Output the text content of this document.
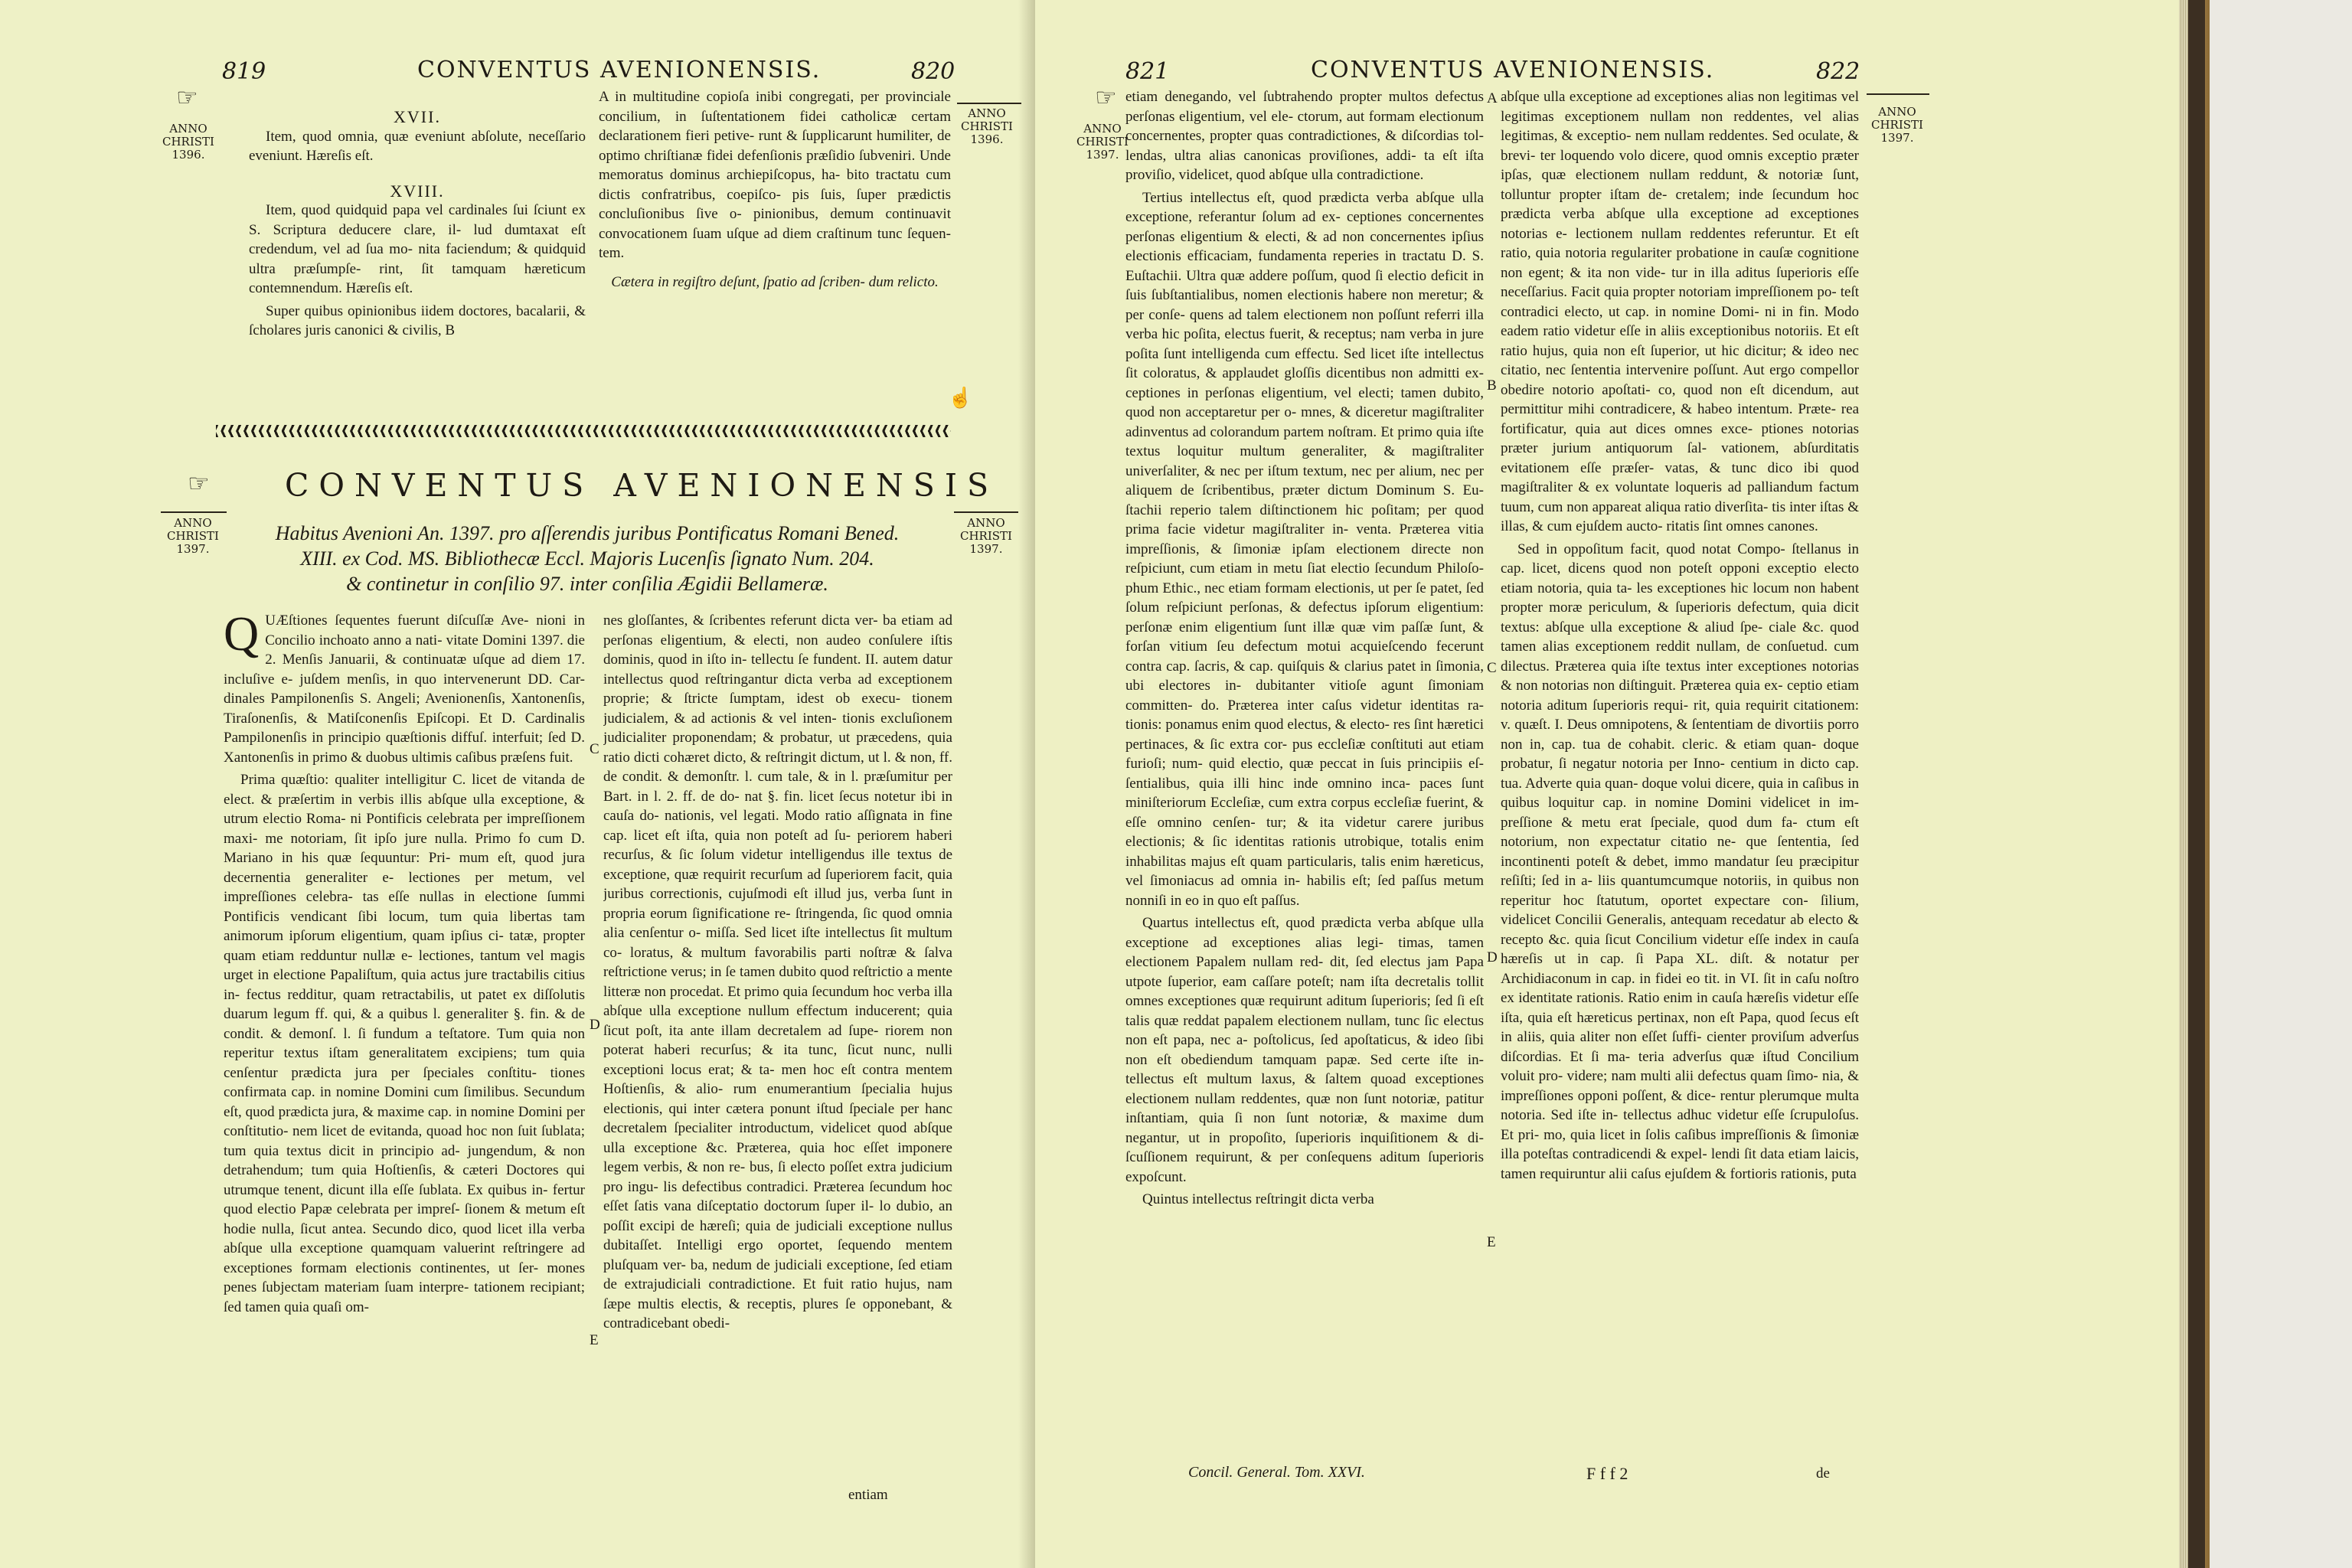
819	CONVENTUS AVENIONENSIS.	820
☞
ANNO
CHRISTI
1396.
ANNO
CHRISTI
1396.
XVII.

Item, quod omnia, quæ eveniunt abſolute, neceſſario eveniunt. Hæreſis eſt.

XVIII.

Item, quod quidquid papa vel cardinales ſui ſciunt ex S. Scriptura deducere clare, il- lud dumtaxat eſt credendum, vel ad ſua mo- nita faciendum; & quidquid ultra præſumpſe- rint, ſit tamquam hæreticum contemnendum. Hæreſis eſt.

Super quibus opinionibus iidem doctores, bacalarii, & ſcholares juris canonici & civilis, B

A in multitudine copioſa inibi congregati, per provinciale concilium, in ſuſtentationem fidei catholicæ certam declarationem fieri petive- runt & ſupplicarunt humiliter, de optimo chriſtianæ fidei defenſionis præſidio ſubveniri. Unde memoratus dominus archiepiſcopus, ha- bito tractatu cum dictis confratribus, coepiſco- pis ſuis, ſuper prædictis concluſionibus ſive o- pinionibus, demum continuavit convocationem ſuam uſque ad diem craſtinum tunc ſequen- tem.

Cætera in regiſtro deſunt, ſpatio ad ſcriben- dum relicto.

☝
☞ CONVENTUS AVENIONENSIS
ANNO
CHRISTI
1397.
ANNO
CHRISTI
1397.
Habitus Avenioni An. 1397. pro aſſerendis juribus Pontificatus Romani Bened.
XIII. ex Cod. MS. Bibliothecæ Eccl. Majoris Lucenſis ſignato Num. 204.
& continetur in conſilio 97. inter conſilia Ægidii Bellameræ.
Q UÆſtiones ſequentes fuerunt diſcuſſæ Ave- nioni in Concilio inchoato anno a nati- vitate Domini 1397. die 2. Menſis Januarii, & continuatæ uſque ad diem 17. incluſive e- juſdem menſis, in quo intervenerunt DD. Car- dinales Pampilonenſis S. Angeli; Avenionenſis, Xantonenſis, Tiraſonenſis, & Matiſconenſis Epiſcopi. Et D. Cardinalis Pampilonenſis in principio quæſtionis diffuſ. interfuit; ſed D. Xantonenſis in primo & duobus ultimis caſibus præſens fuit.

Prima quæſtio: qualiter intelligitur C. licet de vitanda de elect. & præſertim in verbis illis abſque ulla exceptione, & utrum electio Roma- ni Pontificis celebrata per impreſſionem maxi- me notoriam, ſit ipſo jure nulla. Primo fo cum D. Mariano in his quæ ſequuntur: Pri- mum eſt, quod jura decernentia generaliter e- lectiones per metum, vel impreſſiones celebra- tas eſſe nullas in electione ſummi Pontificis vendicant ſibi locum, tum quia libertas tam animorum ipſorum eligentium, quam ipſius ci- tatæ, propter quam etiam redduntur nullæ e- lectiones, tantum vel magis urget in electione Papaliſtum, quia actus jure tractabilis citius in- fectus redditur, quam retractabilis, ut patet ex diſſolutis duarum legum ff. qui, & a quibus l. generaliter §. fin. & de condit. & demonſ. l. ſi fundum a teſtatore. Tum quia non reperitur textus iſtam generalitatem excipiens; tum quia cenſentur prædicta jura per ſpeciales conſtitu- tiones confirmata cap. in nomine Domini cum ſimilibus. Secundum eſt, quod prædicta jura, & maxime cap. in nomine Domini per conſtitutio- nem licet de evitanda, quoad hoc non ſuit ſublata; tum quia textus dicit in principio ad- jungendum, & non detrahendum; tum quia Hoſtienſis, & cæteri Doctores qui utrumque tenent, dicunt illa eſſe ſublata. Ex quibus in- fertur quod electio Papæ celebrata per impreſ- ſionem & metum eſt hodie nulla, ſicut antea. Secundo dico, quod licet illa verba abſque ulla exceptione quamquam valuerint reſtringere ad exceptiones formam electionis continentes, ut ſer- mones penes ſubjectam materiam ſuam interpre- tationem recipiant; ſed tamen quia quaſi om-

C
D
E

nes gloſſantes, & ſcribentes referunt dicta ver- ba etiam ad perſonas eligentium, & electi, non audeo conſulere iſtis dominis, quod in iſto in- tellectu ſe fundent. II. autem datur intellectus quod reſtringantur dicta verba ad exceptionem proprie; & ſtricte ſumptam, idest ob execu- tionem judicialem, & ad actionis & vel inten- tionis excluſionem judicialiter proponendam; & probatur, ut præcedens, quia ratio dicti cohæret dicto, & reſtringit dictum, ut l. & non, ff. de condit. & demonſtr. l. cum tale, & in l. præſumitur per Bart. in l. 2. ff. de do- nat §. fin. licet ſecus notetur ibi in cauſa do- nationis, vel legati. Modo ratio aſſignata in fine cap. licet eſt iſta, quia non poteſt ad ſu- periorem haberi recurſus, & ſic ſolum videtur intelligendus ille textus de exceptione, quæ requirit recurſum ad ſuperiorem facit, quia juribus correctionis, cujuſmodi eſt illud jus, verba ſunt in propria eorum ſignificatione re- ſtringenda, ſic quod omnia alia cenſentur o- miſſa. Sed licet iſte intellectus ſit multum co- loratus, & multum favorabilis parti noſtræ & ſalva reſtrictione verus; in ſe tamen dubito quod reſtrictio a mente litteræ non procedat. Et primo quia ſecundum hoc verba illa abſque ulla exceptione nullum effectum inducerent; quia ſicut poſt, ita ante illam decretalem ad ſupe- riorem non poterat haberi recurſus; & ita tunc, ſicut nunc, nulli exceptioni locus erat; & ta- men hoc eſt contra mentem Hoſtienſis, & alio- rum enumerantium ſpecialia hujus electionis, qui inter cætera ponunt iſtud ſpeciale per hanc decretalem ſpecialiter introductum, videlicet quod abſque ulla exceptione &c. Præterea, quia hoc eſſet imponere legem verbis, & non re- bus, ſi electo poſſet extra judicium pro ingu- lis defectibus contradici. Præterea ſecundum hoc eſſet ſatis vana diſceptatio doctorum ſuper il- lo dubio, an poſſit excipi de hæreſi; quia de judiciali exceptione nullus dubitaſſet. Intelligi ergo oportet, ſequendo mentem pluſquam ver- ba, nedum de judiciali exceptione, ſed etiam de extrajudiciali contradictione. Et fuit ratio hujus, nam ſæpe multis electis, & receptis, plures ſe opponebant, & contradicebant obedi-

entiam
821	CONVENTUS AVENIONENSIS.	822
☞
ANNO
CHRISTI
1397.
ANNO
CHRISTI
1397.

etiam denegando, vel ſubtrahendo propter multos defectus perſonas eligentium, vel ele- ctorum, aut formam electionum concernentes, propter quas contradictiones, & diſcordias tol- lendas, ultra alias canonicas proviſiones, addi- ta eſt iſta proviſio, videlicet, quod abſque ulla contradictione.

Tertius intellectus eſt, quod prædicta verba abſque ulla exceptione, referantur ſolum ad ex- ceptiones concernentes perſonas eligentium & electi, & ad non concernentes ipſius electionis efficaciam, fundamenta reperies in tractatu D. S. Euſtachii. Ultra quæ addere poſſum, quod ſi electio deficit in ſuis ſubſtantialibus, nomen electionis habere non meretur; & per conſe- quens ad talem electionem non poſſunt referri illa verba hic poſita, electus fuerit, & receptus; nam verba in jure poſita ſunt intelligenda cum effectu. Sed licet iſte intellectus ſit coloratus, & applaudet gloſſis dicentibus non admitti ex- ceptiones in perſonas eligentium, vel electi; tamen dubito, quod non acceptaretur per o- mnes, & diceretur magiſtraliter adinventus ad colorandum partem noſtram. Et primo quia iſte textus loquitur multum generaliter, & magiſtraliter univerſaliter, & nec per iſtum textum, nec per alium, nec per aliquem de ſcribentibus, præter dictum Dominum S. Eu- ſtachii reperio talem diſtinctionem hic poſitam; per quod prima facie videtur magiſtraliter in- venta. Præterea vitia impreſſionis, & ſimoniæ ipſam electionem directe non reſpiciunt, cum etiam in metu ſiat electio ſecundum Philoſo- phum Ethic., nec etiam formam electionis, ut per ſe patet, ſed ſolum reſpiciunt perſonas, & defectus ipſorum eligentium: perſonæ enim eligentium ſunt illæ quæ vim paſſæ ſunt, & forſan vitium ſeu defectum motui acquieſcendo fecerunt contra cap. ſacris, & cap. quiſquis & clarius patet in ſimonia, ubi electores in- dubitanter vitioſe agunt ſimoniam committen- do. Præterea inter caſus videtur identitas ra- tionis: ponamus enim quod electus, & electo- res ſint hæretici pertinaces, & ſic extra cor- pus eccleſiæ conſtituti aut etiam furioſi; num- quid electio, quæ peccat in ſuis principiis eſ- ſentialibus, quia illi hinc inde omnino inca- paces ſunt miniſteriorum Eccleſiæ, cum extra corpus eccleſiæ fuerint, & eſſe omnino cenſen- tur; & ita videtur carere juribus electionis; & ſic identitas rationis utrobique, totalis enim inhabilitas majus eſt quam particularis, talis enim hæreticus, vel ſimoniacus ad omnia in- habilis eſt; ſed paſſus metum nonniſi in eo in quo eſt paſſus.

Quartus intellectus eſt, quod prædicta verba abſque ulla exceptione ad exceptiones alias legi- timas, tamen electionem Papalem nullam red- dit, ſed electus jam Papa utpote ſuperior, eam caſſare poteſt; nam iſta decretalis tollit omnes exceptiones quæ requirunt aditum ſuperioris; ſed ſi eſt talis quæ reddat papalem electionem nullam, tunc ſic electus non eſt papa, nec a- poſtolicus, ſed apoſtaticus, & ideo ſibi non eſt obediendum tamquam papæ. Sed certe iſte in- tellectus eſt multum laxus, & ſaltem quoad exceptiones electionem nullam reddentes, quæ non ſunt notoriæ, patitur inſtantiam, quia ſi non ſunt notoriæ, & maxime dum negantur, ut in propoſito, ſuperioris inquiſitionem & di- ſcuſſionem requirunt, & per conſequens aditum ſuperioris expoſcunt.

Quintus intellectus reſtringit dicta verba

A
B
C
D
E

abſque ulla exceptione ad exceptiones alias non legitimas vel legitimas exceptionem nullam non reddentes, vel alias legitimas, & exceptio- nem nullam reddentes. Sed oculate, & brevi- ter loquendo volo dicere, quod omnis exceptio præter ipſas, quæ electionem nullam reddunt, & notoriæ ſunt, tolluntur propter iſtam de- cretalem; inde ſecundum hoc prædicta verba abſque ulla exceptione ad exceptiones notorias e- lectionem nullam reddentes referuntur. Et eſt ratio, quia notoria regulariter probatione in cauſæ cognitione non egent; & ita non vide- tur in illa aditus ſuperioris eſſe neceſſarius. Facit quia propter notoriam impreſſionem po- teſt contradici electo, ut cap. in nomine Domi- ni in fin. Modo eadem ratio videtur eſſe in aliis exceptionibus notoriis. Et eſt ratio hujus, quia non eſt ſuperior, ut hic dicitur; & ideo nec citatio, nec ſententia intervenire poſſunt. Aut ergo compellor obedire notorio apoſtati- co, quod non eſt dicendum, aut permittitur mihi contradicere, & habeo intentum. Præte- rea fortificatur, quia aut dices omnes exce- ptiones notorias præter jurium antiquorum ſal- vationem, abſurditatis evitationem eſſe præſer- vatas, & tunc dico ibi quod magiſtraliter & ex voluntate loqueris ad palliandum factum tuum, cum non appareat aliqua ratio diverſita- tis inter iſtas & illas, & cum ejuſdem aucto- ritatis ſint omnes canones.

Sed in oppoſitum facit, quod notat Compo- ſtellanus in cap. licet, dicens quod non poteſt opponi exceptio electo etiam notoria, quia ta- les exceptiones hic locum non habent propter moræ periculum, & ſuperioris defectum, quia dicit textus: abſque ulla exceptione & aliud ſpe- ciale &c. quod tamen alias exceptionem reddit nullam, de conſuetud. cum dilectus. Præterea quia iſte textus inter exceptiones notorias & non notorias non diſtinguit. Præterea quia ex- ceptio etiam notoria aditum ſuperioris requi- rit, quia requirit citationem: v. quæſt. I. Deus omnipotens, & ſententiam de divortiis porro non in, cap. tua de cohabit. cleric. & etiam quan- doque probatur, ſi negatur notoria per Inno- centium in dicto cap. tua. Adverte quia quan- doque volui dicere, quia in caſibus in quibus loquitur cap. in nomine Domini videlicet in im- preſſione & metu erat ſpeciale, quod dum fa- ctum eſt notorium, non expectatur citatio ne- que ſententia, ſed incontinenti poteſt & debet, immo mandatur ſeu præcipitur reſiſti; ſed in a- liis quantumcumque notoriis, in quibus non reperitur hoc ſtatutum, oportet expectare con- ſilium, videlicet Concilii Generalis, antequam recedatur ab electo & recepto &c. quia ſicut Concilium videtur eſſe index in cauſa hæreſis ut in cap. ſi Papa XL. diſt. & notatur per Archidiaconum in cap. in fidei eo tit. in VI. ſit in caſu noſtro ex identitate rationis. Ratio enim in cauſa hæreſis videtur eſſe iſta, quia eſt hæreticus pertinax, non eſt Papa, quod ſecus eſt in aliis, quia aliter non eſſet ſuffi- cienter proviſum adverſus diſcordias. Et ſi ma- teria adverſus quæ iſtud Concilium voluit pro- videre; nam multi alii defectus quam ſimo- nia, & impreſſiones opponi poſſent, & dice- rentur plerumque multa notoria. Sed iſte in- tellectus adhuc videtur eſſe ſcrupuloſus. Et pri- mo, quia licet in ſolis caſibus impreſſionis & ſimoniæ illa poteſtas contradicendi & expel- lendi ſit data etiam laicis, tamen requiruntur alii caſus ejuſdem & fortioris rationis, puta

Concil. General. Tom. XXVI.	F f f 2	de
